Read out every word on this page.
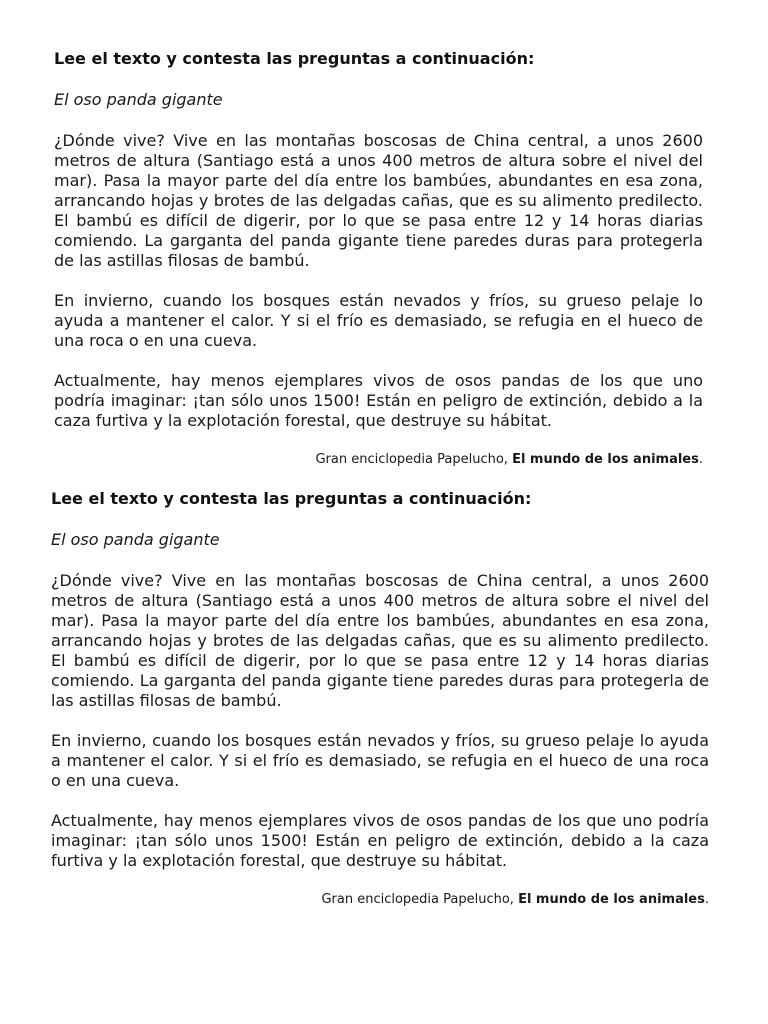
Lee el texto y contesta las preguntas a continuación:

El oso panda gigante

¿Dónde vive? Vive en las montañas boscosas de China central, a unos 2600 metros de altura (Santiago está a unos 400 metros de altura sobre el nivel del mar). Pasa la mayor parte del día entre los bambúes, abundantes en esa zona, arrancando hojas y brotes de las delgadas cañas, que es su alimento predilecto. El bambú es difícil de digerir, por lo que se pasa entre 12 y 14 horas diarias comiendo. La garganta del panda gigante tiene paredes duras para protegerla de las astillas filosas de bambú.

En invierno, cuando los bosques están nevados y fríos, su grueso pelaje lo ayuda a mantener el calor. Y si el frío es demasiado, se refugia en el hueco de una roca o en una cueva.

Actualmente, hay menos ejemplares vivos de osos pandas de los que uno podría imaginar: ¡tan sólo unos 1500! Están en peligro de extinción, debido a la caza furtiva y la explotación forestal, que destruye su hábitat.

Gran enciclopedia Papelucho, El mundo de los animales.

Lee el texto y contesta las preguntas a continuación:

El oso panda gigante

¿Dónde vive? Vive en las montañas boscosas de China central, a unos 2600 metros de altura (Santiago está a unos 400 metros de altura sobre el nivel del mar). Pasa la mayor parte del día entre los bambúes, abundantes en esa zona, arrancando hojas y brotes de las delgadas cañas, que es su alimento predilecto. El bambú es difícil de digerir, por lo que se pasa entre 12 y 14 horas diarias comiendo. La garganta del panda gigante tiene paredes duras para protegerla de las astillas filosas de bambú.

En invierno, cuando los bosques están nevados y fríos, su grueso pelaje lo ayuda a mantener el calor. Y si el frío es demasiado, se refugia en el hueco de una roca o en una cueva.

Actualmente, hay menos ejemplares vivos de osos pandas de los que uno podría imaginar: ¡tan sólo unos 1500! Están en peligro de extinción, debido a la caza furtiva y la explotación forestal, que destruye su hábitat.

Gran enciclopedia Papelucho, El mundo de los animales.
